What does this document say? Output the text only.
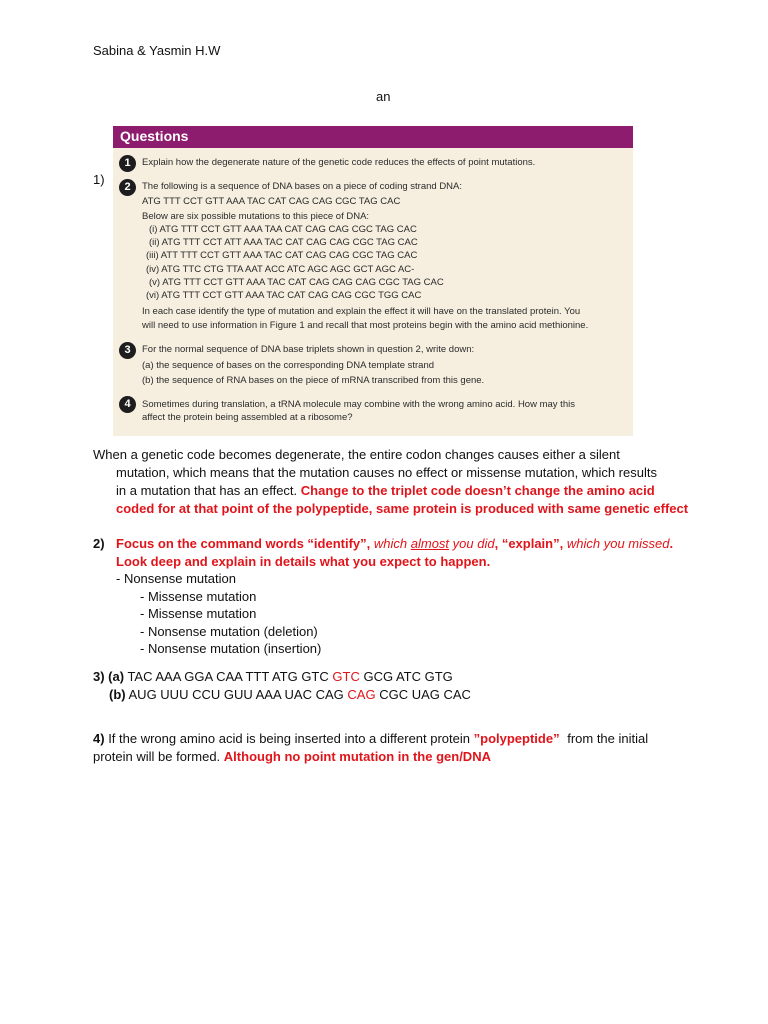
Sabina & Yasmin H.W
an
1)
Questions
1	Explain how the degenerate nature of the genetic code reduces the effects of point mutations.
2	The following is a sequence of DNA bases on a piece of coding strand DNA:
ATG TTT CCT GTT AAA TAC CAT CAG CAG CGC TAG CAC
Below are six possible mutations to this piece of DNA:
(i) ATG TTT CCT GTT AAA TAA CAT CAG CAG CGC TAG CAC
(ii) ATG TTT CCT ATT AAA TAC CAT CAG CAG CGC TAG CAC
(iii) ATT TTT CCT GTT AAA TAC CAT CAG CAG CGC TAG CAC
(iv) ATG TTC CTG TTA AAT ACC ATC AGC AGC GCT AGC AC-
(v) ATG TTT CCT GTT AAA TAC CAT CAG CAG CAG CGC TAG CAC
(vi) ATG TTT CCT GTT AAA TAC CAT CAG CAG CGC TGG CAC
In each case identify the type of mutation and explain the effect it will have on the translated protein. You
will need to use information in Figure 1 and recall that most proteins begin with the amino acid methionine.
3	For the normal sequence of DNA base triplets shown in question 2, write down:
(a) the sequence of bases on the corresponding DNA template strand
(b) the sequence of RNA bases on the piece of mRNA transcribed from this gene.
4	Sometimes during translation, a tRNA molecule may combine with the wrong amino acid. How may this
affect the protein being assembled at a ribosome?
When a genetic code becomes degenerate, the entire codon changes causes either a silent
mutation, which means that the mutation causes no effect or missense mutation, which results
in a mutation that has an effect. Change to the triplet code doesn’t change the amino acid
coded for at that point of the polypeptide, same protein is produced with same genetic effect
2) Focus on the command words “identify”, which almost you did, “explain”, which you missed.
Look deep and explain in details what you expect to happen.
- Nonsense mutation
- Missense mutation
- Missense mutation
- Nonsense mutation (deletion)
- Nonsense mutation (insertion)
3) (a) TAC AAA GGA CAA TTT ATG GTC GTC GCG ATC GTG
(b) AUG UUU CCU GUU AAA UAC CAG CAG CGC UAG CAC
4) If the wrong amino acid is being inserted into a different protein ”polypeptide” from the initial
protein will be formed. Although no point mutation in the gen/DNA
